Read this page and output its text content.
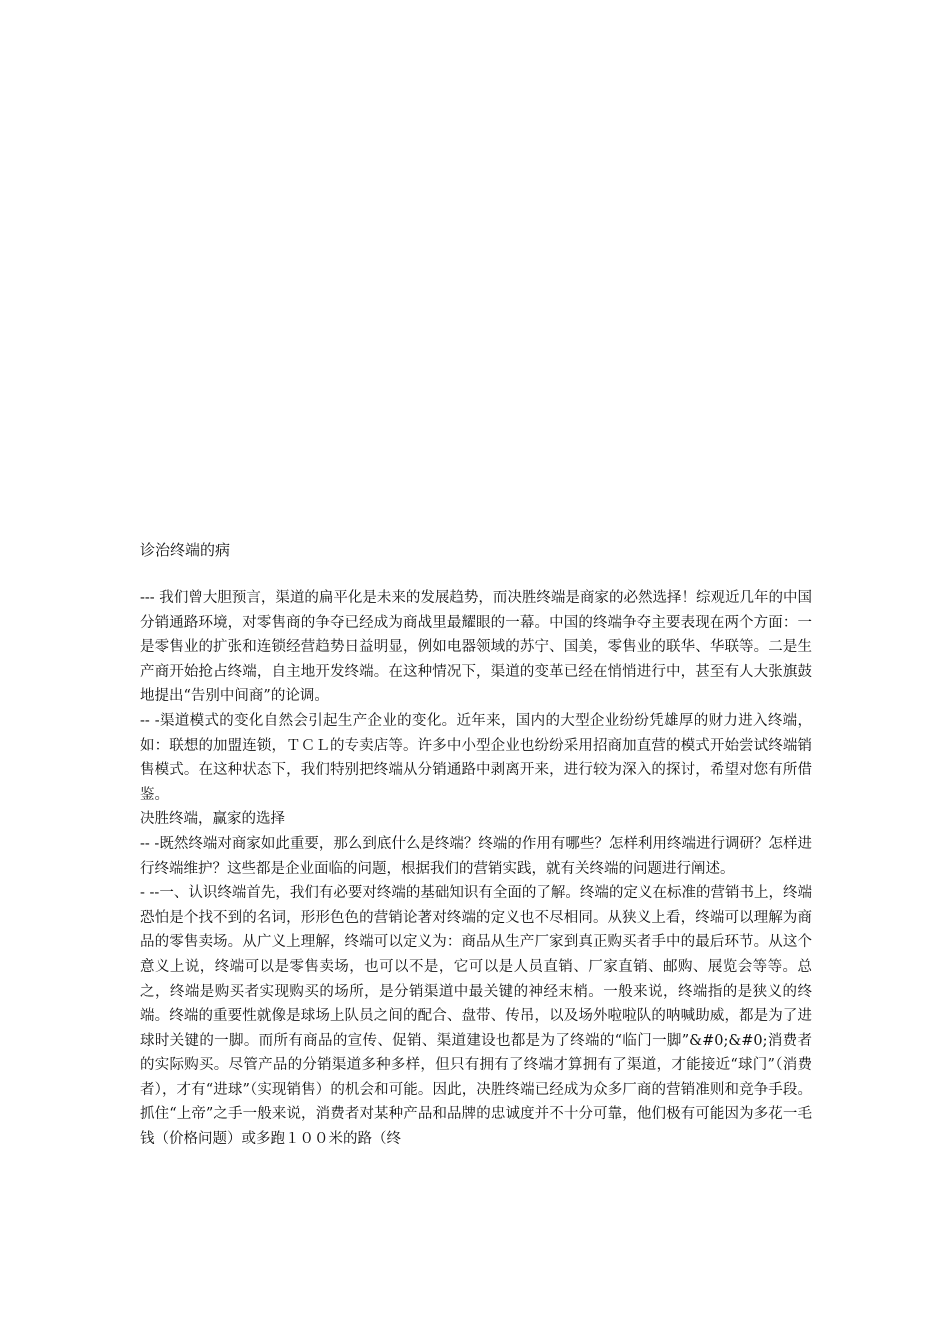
诊治终端的病

--- 我们曾大胆预言，渠道的扁平化是未来的发展趋势，而决胜终端是商家的必然选择！综观近几年的中国分销通路环境，对零售商的争夺已经成为商战里最耀眼的一幕。中国的终端争夺主要表现在两个方面：一是零售业的扩张和连锁经营趋势日益明显，例如电器领域的苏宁、国美，零售业的联华、华联等。二是生产商开始抢占终端，自主地开发终端。在这种情况下，渠道的变革已经在悄悄进行中，甚至有人大张旗鼓地提出“告别中间商”的论调。

-- -渠道模式的变化自然会引起生产企业的变化。近年来，国内的大型企业纷纷凭雄厚的财力进入终端，如：联想的加盟连锁，ＴＣＬ的专卖店等。许多中小型企业也纷纷采用招商加直营的模式开始尝试终端销售模式。在这种状态下，我们特别把终端从分销通路中剥离开来，进行较为深入的探讨，希望对您有所借鉴。

决胜终端，赢家的选择

-- -既然终端对商家如此重要，那么到底什么是终端？终端的作用有哪些？怎样利用终端进行调研？怎样进行终端维护？这些都是企业面临的问题，根据我们的营销实践，就有关终端的问题进行阐述。

- --一、认识终端首先，我们有必要对终端的基础知识有全面的了解。终端的定义在标准的营销书上，终端恐怕是个找不到的名词，形形色色的营销论著对终端的定义也不尽相同。从狭义上看，终端可以理解为商品的零售卖场。从广义上理解，终端可以定义为：商品从生产厂家到真正购买者手中的最后环节。从这个意义上说，终端可以是零售卖场，也可以不是，它可以是人员直销、厂家直销、邮购、展览会等等。总之，终端是购买者实现购买的场所，是分销渠道中最关键的神经末梢。一般来说，终端指的是狭义的终端。终端的重要性就像是球场上队员之间的配合、盘带、传吊，以及场外啦啦队的呐喊助威，都是为了进球时关键的一脚。而所有商品的宣传、促销、渠道建设也都是为了终端的“临门一脚”&#0;&#0;消费者的实际购买。尽管产品的分销渠道多种多样，但只有拥有了终端才算拥有了渠道，才能接近“球门”（消费者），才有“进球”（实现销售）的机会和可能。因此，决胜终端已经成为众多厂商的营销准则和竞争手段。抓住“上帝”之手一般来说，消费者对某种产品和品牌的忠诚度并不十分可靠，他们极有可能因为多花一毛钱（价格问题）或多跑１００米的路（终
